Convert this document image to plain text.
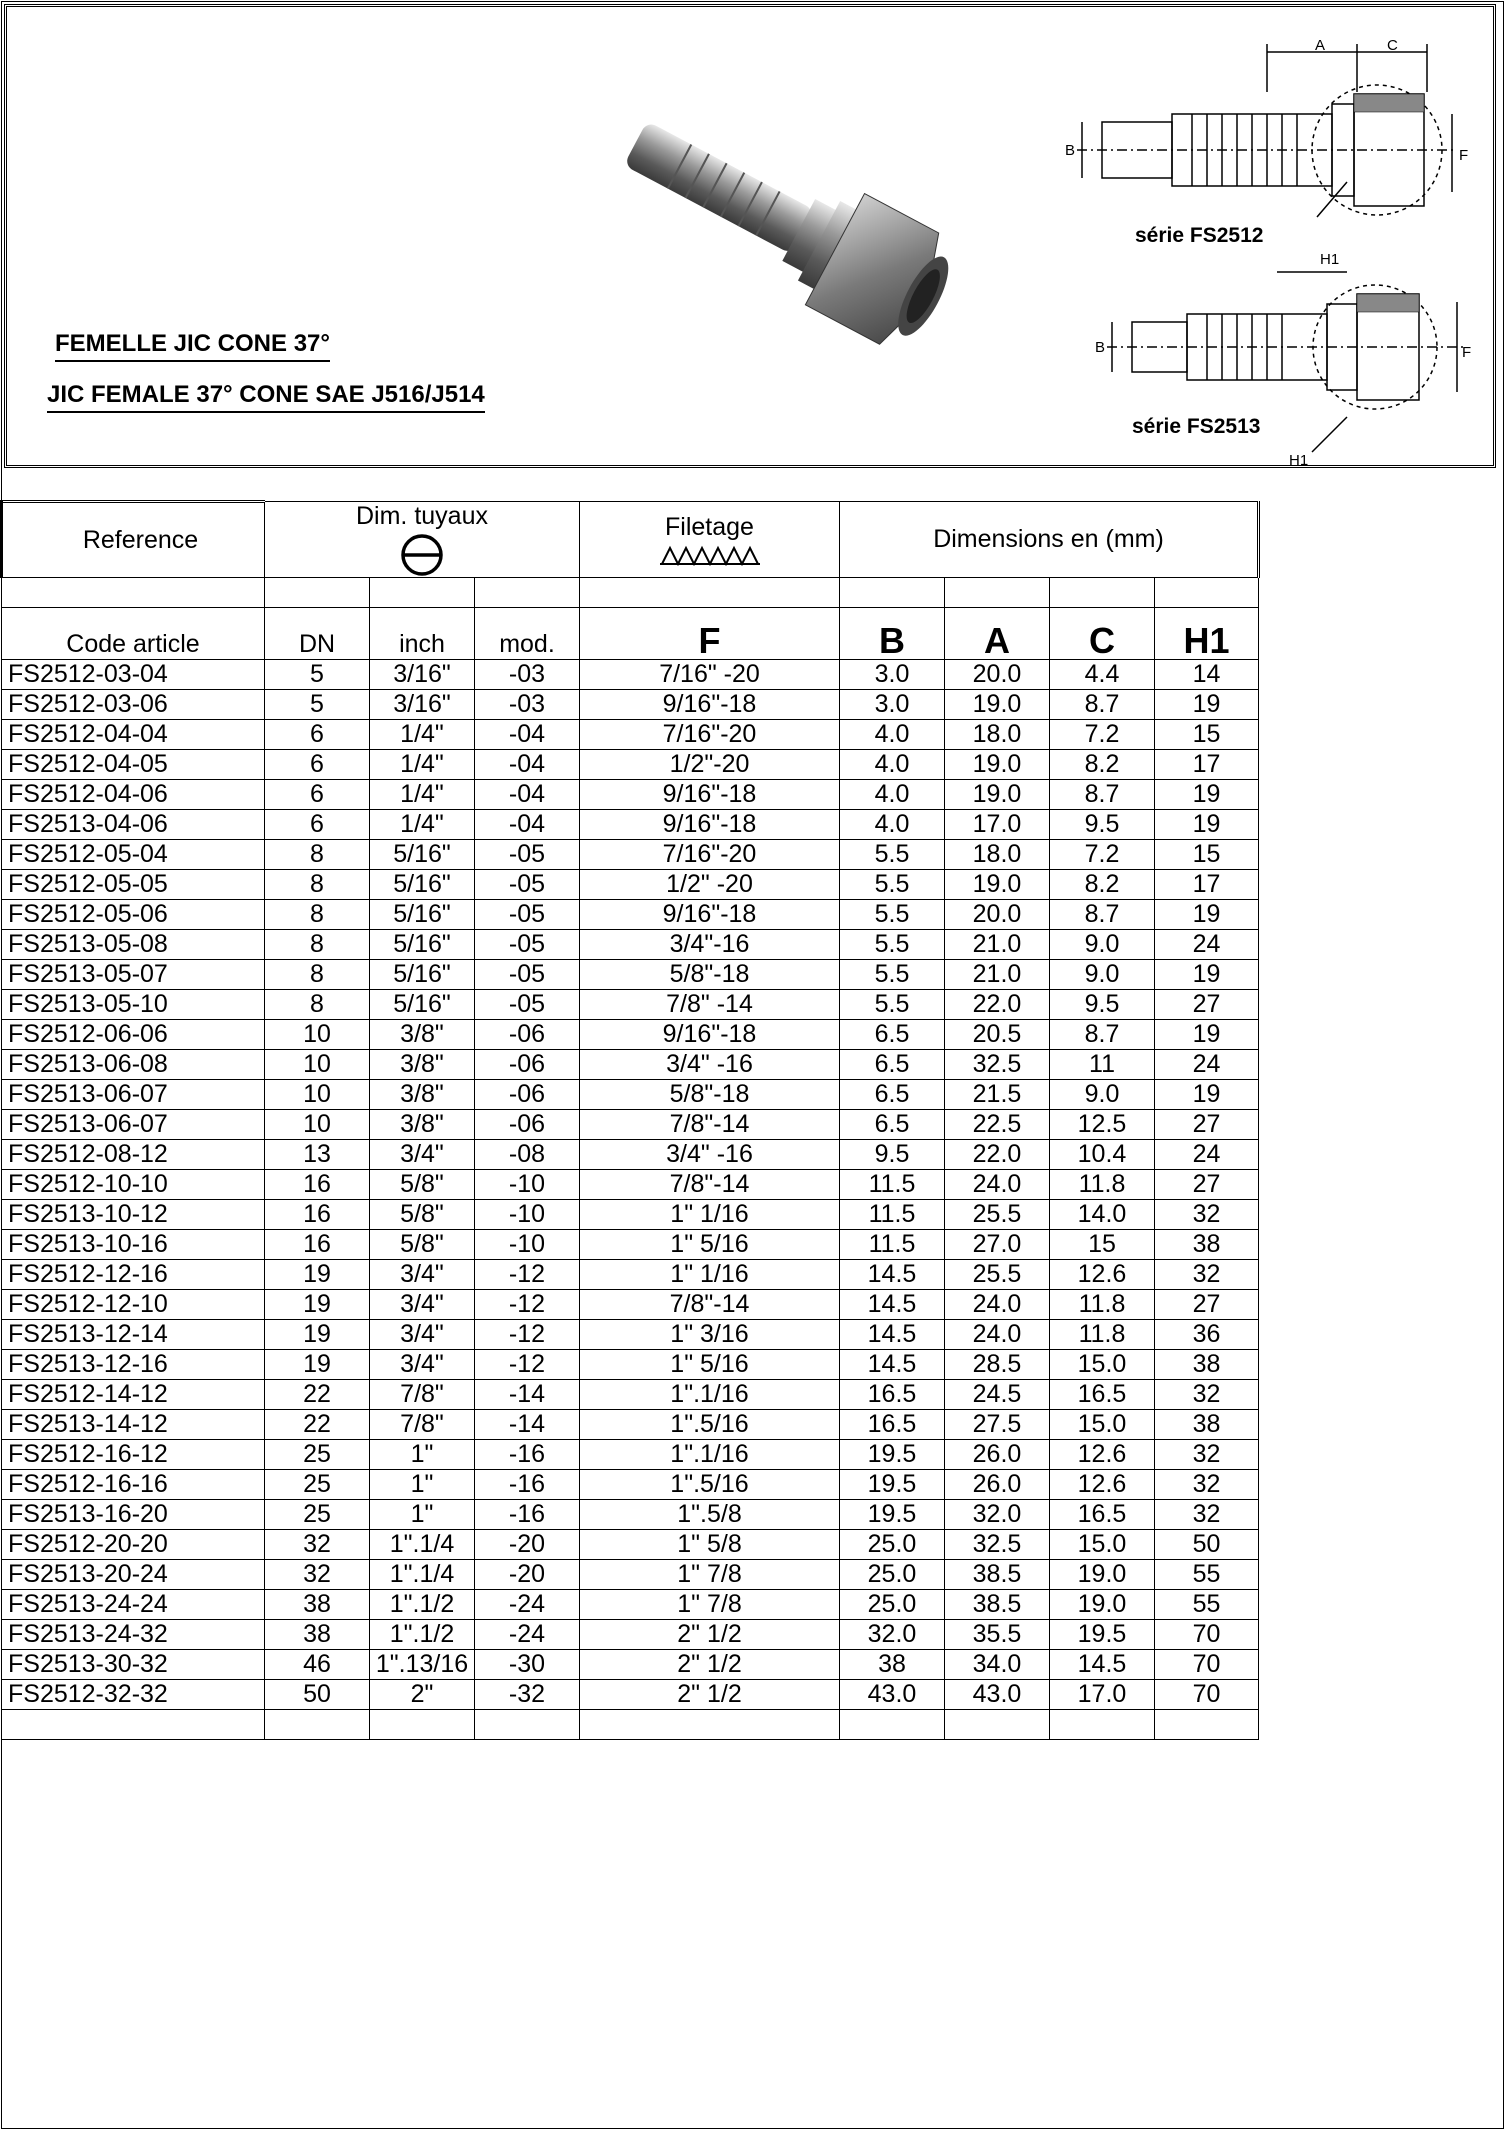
FEMELLE JIC CONE 37°
JIC FEMALE 37° CONE SAE J516/J514
A	C
B	F
série FS2512
H1
B	F
série FS2513
H1
Reference	Dim. tuyaux			Filetage	Dimensions en (mm)			

Code article	DN	inch	mod.	F	B	A	C	H1
FS2512-03-04	5	3/16"	-03	7/16" -20	3.0	20.0	4.4	14
FS2512-03-06	5	3/16"	-03	9/16"-18	3.0	19.0	8.7	19
FS2512-04-04	6	1/4"	-04	7/16"-20	4.0	18.0	7.2	15
FS2512-04-05	6	1/4"	-04	1/2"-20	4.0	19.0	8.2	17
FS2512-04-06	6	1/4"	-04	9/16"-18	4.0	19.0	8.7	19
FS2513-04-06	6	1/4"	-04	9/16"-18	4.0	17.0	9.5	19
FS2512-05-04	8	5/16"	-05	7/16"-20	5.5	18.0	7.2	15
FS2512-05-05	8	5/16"	-05	1/2" -20	5.5	19.0	8.2	17
FS2512-05-06	8	5/16"	-05	9/16"-18	5.5	20.0	8.7	19
FS2513-05-08	8	5/16"	-05	3/4"-16	5.5	21.0	9.0	24
FS2513-05-07	8	5/16"	-05	5/8"-18	5.5	21.0	9.0	19
FS2513-05-10	8	5/16"	-05	7/8" -14	5.5	22.0	9.5	27
FS2512-06-06	10	3/8"	-06	9/16"-18	6.5	20.5	8.7	19
FS2513-06-08	10	3/8"	-06	3/4" -16	6.5	32.5	11	24
FS2513-06-07	10	3/8"	-06	5/8"-18	6.5	21.5	9.0	19
FS2513-06-07	10	3/8"	-06	7/8"-14	6.5	22.5	12.5	27
FS2512-08-12	13	3/4"	-08	3/4" -16	9.5	22.0	10.4	24
FS2512-10-10	16	5/8"	-10	7/8"-14	11.5	24.0	11.8	27
FS2513-10-12	16	5/8"	-10	1" 1/16	11.5	25.5	14.0	32
FS2513-10-16	16	5/8"	-10	1" 5/16	11.5	27.0	15	38
FS2512-12-16	19	3/4"	-12	1" 1/16	14.5	25.5	12.6	32
FS2512-12-10	19	3/4"	-12	7/8"-14	14.5	24.0	11.8	27
FS2513-12-14	19	3/4"	-12	1" 3/16	14.5	24.0	11.8	36
FS2513-12-16	19	3/4"	-12	1" 5/16	14.5	28.5	15.0	38
FS2512-14-12	22	7/8"	-14	1".1/16	16.5	24.5	16.5	32
FS2513-14-12	22	7/8"	-14	1".5/16	16.5	27.5	15.0	38
FS2512-16-12	25	1"	-16	1".1/16	19.5	26.0	12.6	32
FS2512-16-16	25	1"	-16	1".5/16	19.5	26.0	12.6	32
FS2513-16-20	25	1"	-16	1".5/8	19.5	32.0	16.5	32
FS2512-20-20	32	1".1/4	-20	1" 5/8	25.0	32.5	15.0	50
FS2513-20-24	32	1".1/4	-20	1" 7/8	25.0	38.5	19.0	55
FS2513-24-24	38	1".1/2	-24	1" 7/8	25.0	38.5	19.0	55
FS2513-24-32	38	1".1/2	-24	2" 1/2	32.0	35.5	19.5	70
FS2513-30-32	46	1".13/16	-30	2" 1/2	38	34.0	14.5	70
FS2512-32-32	50	2"	-32	2" 1/2	43.0	43.0	17.0	70
